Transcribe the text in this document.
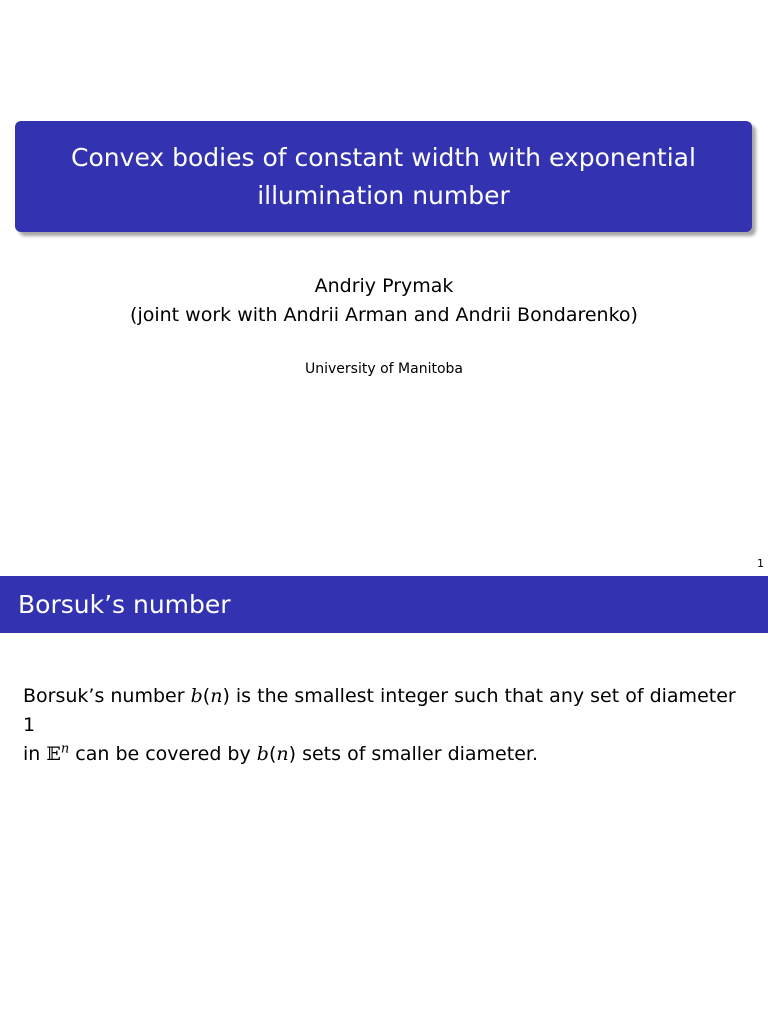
Convex bodies of constant width with exponential illumination number
Andriy Prymak
(joint work with Andrii Arman and Andrii Bondarenko)
University of Manitoba
1
Borsuk’s number
Borsuk’s number b(n) is the smallest integer such that any set of diameter 1
in 𝔼$^n$ can be covered by b(n) sets of smaller diameter.
